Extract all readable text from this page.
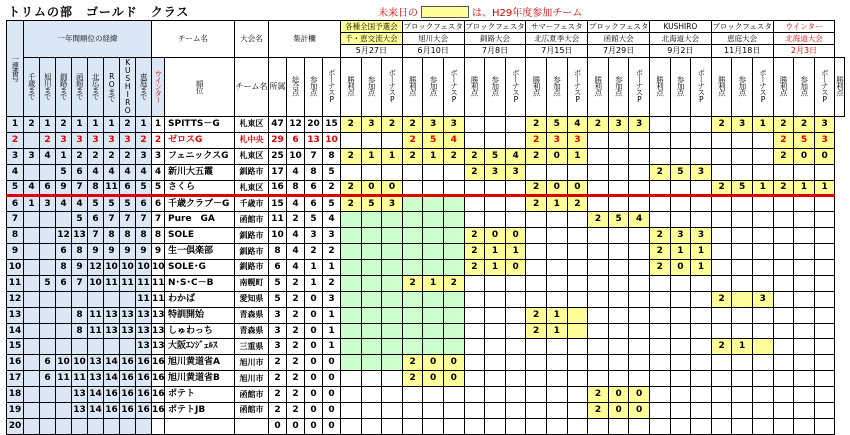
トリムの部　ゴールド　クラス	未来日の	は、H29年度参加チーム
一連番号	一年間順位の経緯								チーム名		大会名	集計欄				各種全国予選会			ブロックフェスタ			ブロックフェスタ			サマーフェスタ			ブロックフェスタ			KUSHIRO			ブロックフェスタ			ウインター			
																千・恵交流大会			旭川大会			釧路大会			北広夏季大会			函館大会			北海道大会			恵庭大会			北海道大会			
																5月27日			6月10日			7月8日			7月15日			7月29日			9月2日			11月18日			2月3日			
	千歳まで	旭川まで	釧路まで	函館まで	北広まで	ROまで	KUSHIRO	恵庭まで	ウインター	順位	チーム名	所属	総合点	参加点	ボーナスP	勝利点	参加点	ボーナスP	勝利点	参加点	ボーナスP	勝利点	参加点	ボーナスP	勝利点	参加点	ボーナスP	勝利点	参加点	ボーナスP	勝利点	参加点	ボーナスP	勝利点	参加点	ボーナスP	勝利点	参加点	ボーナスP	勝利点
1	2	1	2	1	1	1	2	1	1	SPITTS－G	札東区	47	12	20	15	2	3	2	2	3	3				2	5	4	2	3	3				2	3	1	2	2	3	
2		2	3	3	3	3	3	2	2	ゼロスG	札中央	29	6	13	10				2	5	4				2	3	3										2	5	3	
3	3	4	1	2	2	2	2	3	3	フェニックスG	札東区	25	10	7	8	2	1	1	2	1	2	2	5	4	2	0	1										2	0	0	
4			5	6	4	4	4	4	4	新川大五霞	釧路市	17	4	8	5							2	3	3							2	5	3							
5	4	6	9	7	8	11	6	5	5	さくら	札東区	16	8	6	2	2	0	0							2	0	0							2	5	1	2	1	1	
6	1	3	4	4	5	5	5	6	6	千歳クラブ－G	千歳市	15	4	6	5	2	5	3							2	1	2													
7				5	6	7	7	7	7	Pure　GA	函館市	11	2	5	4													2	5	4										
8			12	13	7	8	8	8	8	SOLE	釧路市	10	4	3	3							2	0	0							2	3	3							
9			6	8	9	9	9	9	9	生一倶楽部	釧路市	8	4	2	2							2	1	1							2	1	1							
10			8	9	12	10	10	10	10	SOLE･G	釧路市	6	4	1	1							2	1	0							2	0	1							
11		5	6	7	10	11	11	11	11	N･S･C－B	南幌町	5	2	1	2				2	1	2																			
12								11	11	わかば	愛知県	5	2	0	3																			2		3				
13				8	11	13	13	13	13	特訓開始	青森県	3	2	0	1										2	1														
14				8	11	13	13	13	13	しゅわっち	青森県	3	2	0	1										2	1														
15								13	13	大阪ｴﾝｼﾞｪﾙｽ	三重県	3	2	0	1																			2	1					
16		6	10	10	13	14	16	16	16	旭川黄道省A	旭川市	2	2	0	0				2	0	0																			
17		6	11	11	13	14	16	16	16	旭川黄道省B	旭川市	2	2	0	0				2	0	0																			
18				13	14	16	16	16	16	ポテト	函館市	2	2	0	0													2	0	0										
19				13	14	16	16	16	16	ポテトJB	函館市	2	2	0	0													2	0	0										
20												0	0	0	0																									
